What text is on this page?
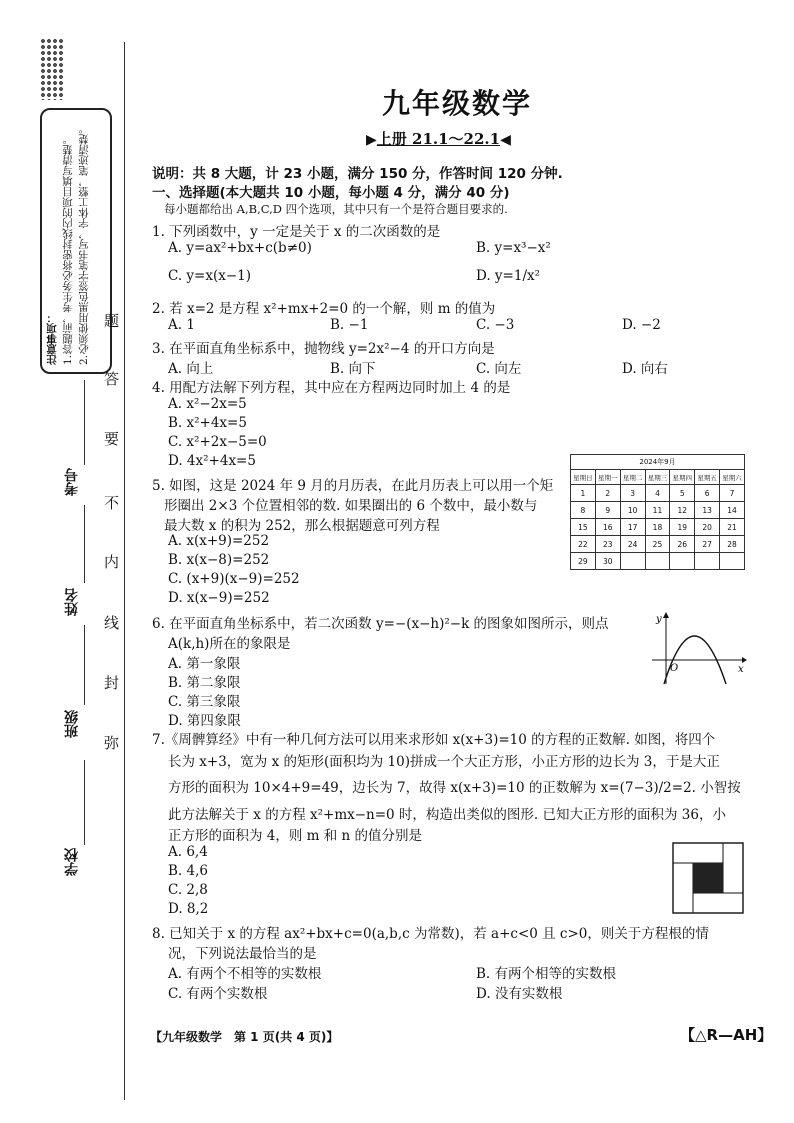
注意事项： 1.答题前，考生务必将密封线内的项目填写清楚。 2.必须使用黑色签字笔书写，字体工整，笔迹清楚。
考号
姓名
班级
学校
题
答
要
不
内
线
封
弥
九年级数学
▶上册 21.1～22.1◀
说明：共 8 大题，计 23 小题，满分 150 分，作答时间 120 分钟.
一、选择题(本大题共 10 小题，每小题 4 分，满分 40 分)
每小题都给出 A,B,C,D 四个选项，其中只有一个是符合题目要求的.
1. 下列函数中，y 一定是关于 x 的二次函数的是
A. y=ax²+bx+c(b≠0)	B. y=x³−x²
C. y=x(x−1)	D. y=1/x²
2. 若 x=2 是方程 x²+mx+2=0 的一个解，则 m 的值为
A. 1	B. −1	C. −3	D. −2
3. 在平面直角坐标系中，抛物线 y=2x²−4 的开口方向是
A. 向上	B. 向下	C. 向左	D. 向右
4. 用配方法解下列方程，其中应在方程两边同时加上 4 的是
A. x²−2x=5
B. x²+4x=5
C. x²+2x−5=0
D. 4x²+4x=5
5. 如图，这是 2024 年 9 月的月历表，在此月历表上可以用一个矩
形圈出 2×3 个位置相邻的数. 如果圈出的 6 个数中，最小数与
最大数 x 的积为 252，那么根据题意可列方程
A. x(x+9)=252
B. x(x−8)=252
C. (x+9)(x−9)=252
D. x(x−9)=252
2024年9月						
星期日	星期一	星期二	星期三	星期四	星期五	星期六
1	2	3	4	5	6	7
8	9	10	11	12	13	14
15	16	17	18	19	20	21
22	23	24	25	26	27	28
29	30					
6. 在平面直角坐标系中，若二次函数 y=−(x−h)²−k 的图象如图所示，则点
A(k,h)所在的象限是
A. 第一象限
B. 第二象限
C. 第三象限
D. 第四象限
y
x
O
7.《周髀算经》中有一种几何方法可以用来求形如 x(x+3)=10 的方程的正数解. 如图，将四个
长为 x+3，宽为 x 的矩形(面积均为 10)拼成一个大正方形，小正方形的边长为 3，于是大正
方形的面积为 10×4+9=49，边长为 7，故得 x(x+3)=10 的正数解为 x=(7−3)/2=2. 小智按
此方法解关于 x 的方程 x²+mx−n=0 时，构造出类似的图形. 已知大正方形的面积为 36，小
正方形的面积为 4，则 m 和 n 的值分别是
A. 6,4
B. 4,6
C. 2,8
D. 8,2
8. 已知关于 x 的方程 ax²+bx+c=0(a,b,c 为常数)，若 a+c<0 且 c>0，则关于方程根的情
况，下列说法最恰当的是
A. 有两个不相等的实数根	B. 有两个相等的实数根
C. 有两个实数根	D. 没有实数根
【九年级数学　第 1 页(共 4 页)】	【△R—AH】
